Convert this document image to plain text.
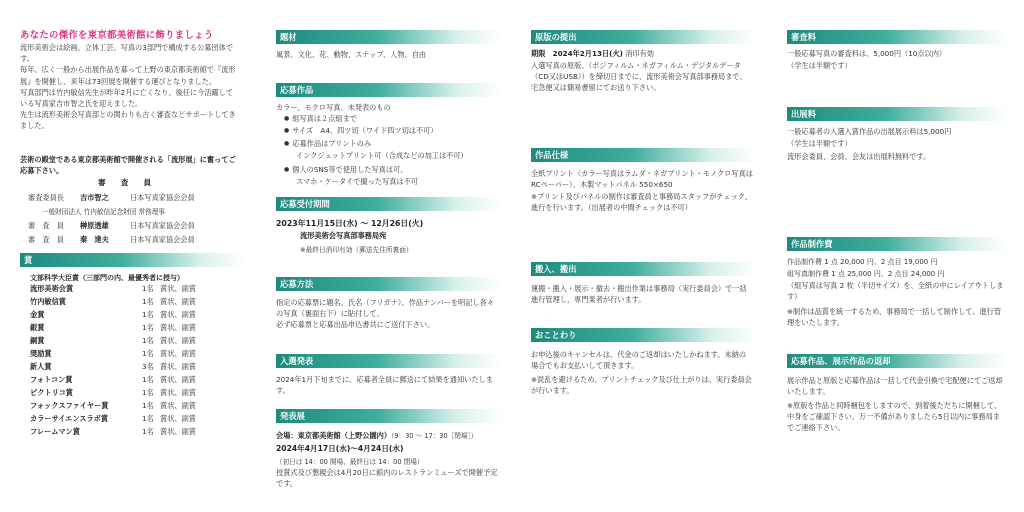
あなたの傑作を東京都美術館に飾りましょう

流形美術会は絵画、立体工芸、写真の3部門で構成する公募団体です。
毎年、広く一般から出展作品を募って上野の東京都美術館で『流形展』を開催し、来年は73回展を開催する運びとなりました。
写真部門は竹内敏信先生が昨年2月に亡くなり、後任に今活躍している写真家吉市智之氏を迎えました。
先生は流形美術会写真部との関わりも古く審査などサポートしてきました。

芸術の殿堂である東京都美術館で開催される「流形展」に奮ってご応募下さい。

審　　査　　員
審査委員長 吉市智之	日本写真家協会会員
一般財団法人 竹内敏信記念財団 常務理事
審　査　員 榊原透雄	日本写真家協会会員
審　査　員 秦　達夫	日本写真家協会会員
賞
文部科学大臣賞（三部門の内、最優秀者に授与）
流形美術会賞	1名 賞状、副賞
竹内敏信賞	1名 賞状、副賞
金賞	1名 賞状、副賞
銀賞	1名 賞状、副賞
銅賞	1名 賞状、副賞
奨励賞	1名 賞状、副賞
新人賞	3名 賞状、副賞
フォトコン賞	1名 賞状、副賞
ピクトリコ賞	1名 賞状、副賞
フォックスファイヤー賞	1名 賞状、副賞
カラーサイエンスラボ賞	1名 賞状、副賞
フレームマン賞	1名 賞状、副賞
題材
風景、文化、花、動物、スナップ、人物、自由
応募作品
カラー、モクロ写真、未発表のもの
● 組写真は２点組まで
● サイズ　A4、四ツ切（ワイド四ツ切は不可）
● 応募作品はプリントのみ
インクジェットプリント可（合成などの加工は不可）
● 個人のSNS等で使用した写真は可、
スマホ・ケータイで撮った写真は不可
応募受付期間
2023年11月15日(水) ～ 12月26日(火)
流形美術会写真部事務局宛
※最終日消印有効（郵送先住所裏面）
応募方法

指定の応募票に題名、氏名（フリガナ）、作品ナンバーを明記し各々の写真（裏面右下）に貼付して、
必ず応募票と応募出品申込書共にご送付下さい。

入選発表

2024年1月下旬までに、応募者全員に郵送にて結果を通知いたします。

発表展
会場：東京都美術館（上野公園内）（9：30 ～ 17：30［閉場］）
2024年4月17日(水)～4月24日(水)
（初日は 14：00 開場、最終日は 14：00 閉場）

授賞式及び懇親会は4月20日に館内のレストランミューズで開催予定です。

原版の提出
期限　 2024年2月13日(火) 消印有効

入選写真の原版、（ポジフィルム・ネガフィルム・デジタルデータ（CD又はUSB））を締切日までに、流形美術会写真部事務局まで、宅急便又は簡易書留にてお送り下さい。

作品仕様

全紙プリント（カラー写真はラムダ・ネガプリント・モノクロ写真はRCペーパー）、木製マットパネル 550×650

※プリント及びパネルの制作は審査員と事務局スタッフがチェック、進行を行います。（出展者の中間チェックは不可）

搬入、搬出

運搬・搬入・展示・撤去・搬出作業は事務局（実行委員会）で一括進行管理し、専門業者が行います。

おことわり

お申込後のキャンセルは、代金のご返却はいたしかねます。未納の場合でもお支払いして頂きます。

※混乱を避けるため、プリントチェック及び仕上がりは、実行委員会が行います。

審査料
一般応募写真の審査料は、5,000円（10点以内）
（学生は半額です）
出展料
一般応募者の入選入賞作品の出展展示料は5,000円
（学生は半額です）
流形会委員、会員、会友は出展料無料です。
作品制作費
作品制作費 1 点 20,000 円、2 点目 19,000 円
組写真制作費 1 点 25,000 円、2 点目 24,000 円

（組写真は写真 2 枚（半切サイズ）を、全紙の中にレイアウトします）

※制作は品質を統一するため、事務局で一括して制作して、進行管理をいたします。

応募作品、展示作品の返却

展示作品と原版と応募作品は一括して代金引換で宅配便にてご返却いたします。

※原版を作品と同時梱包をしますので、到着後ただちに開梱して、中身をご確認下さい。万一不備がありましたら5日以内に事務局までご連絡下さい。
